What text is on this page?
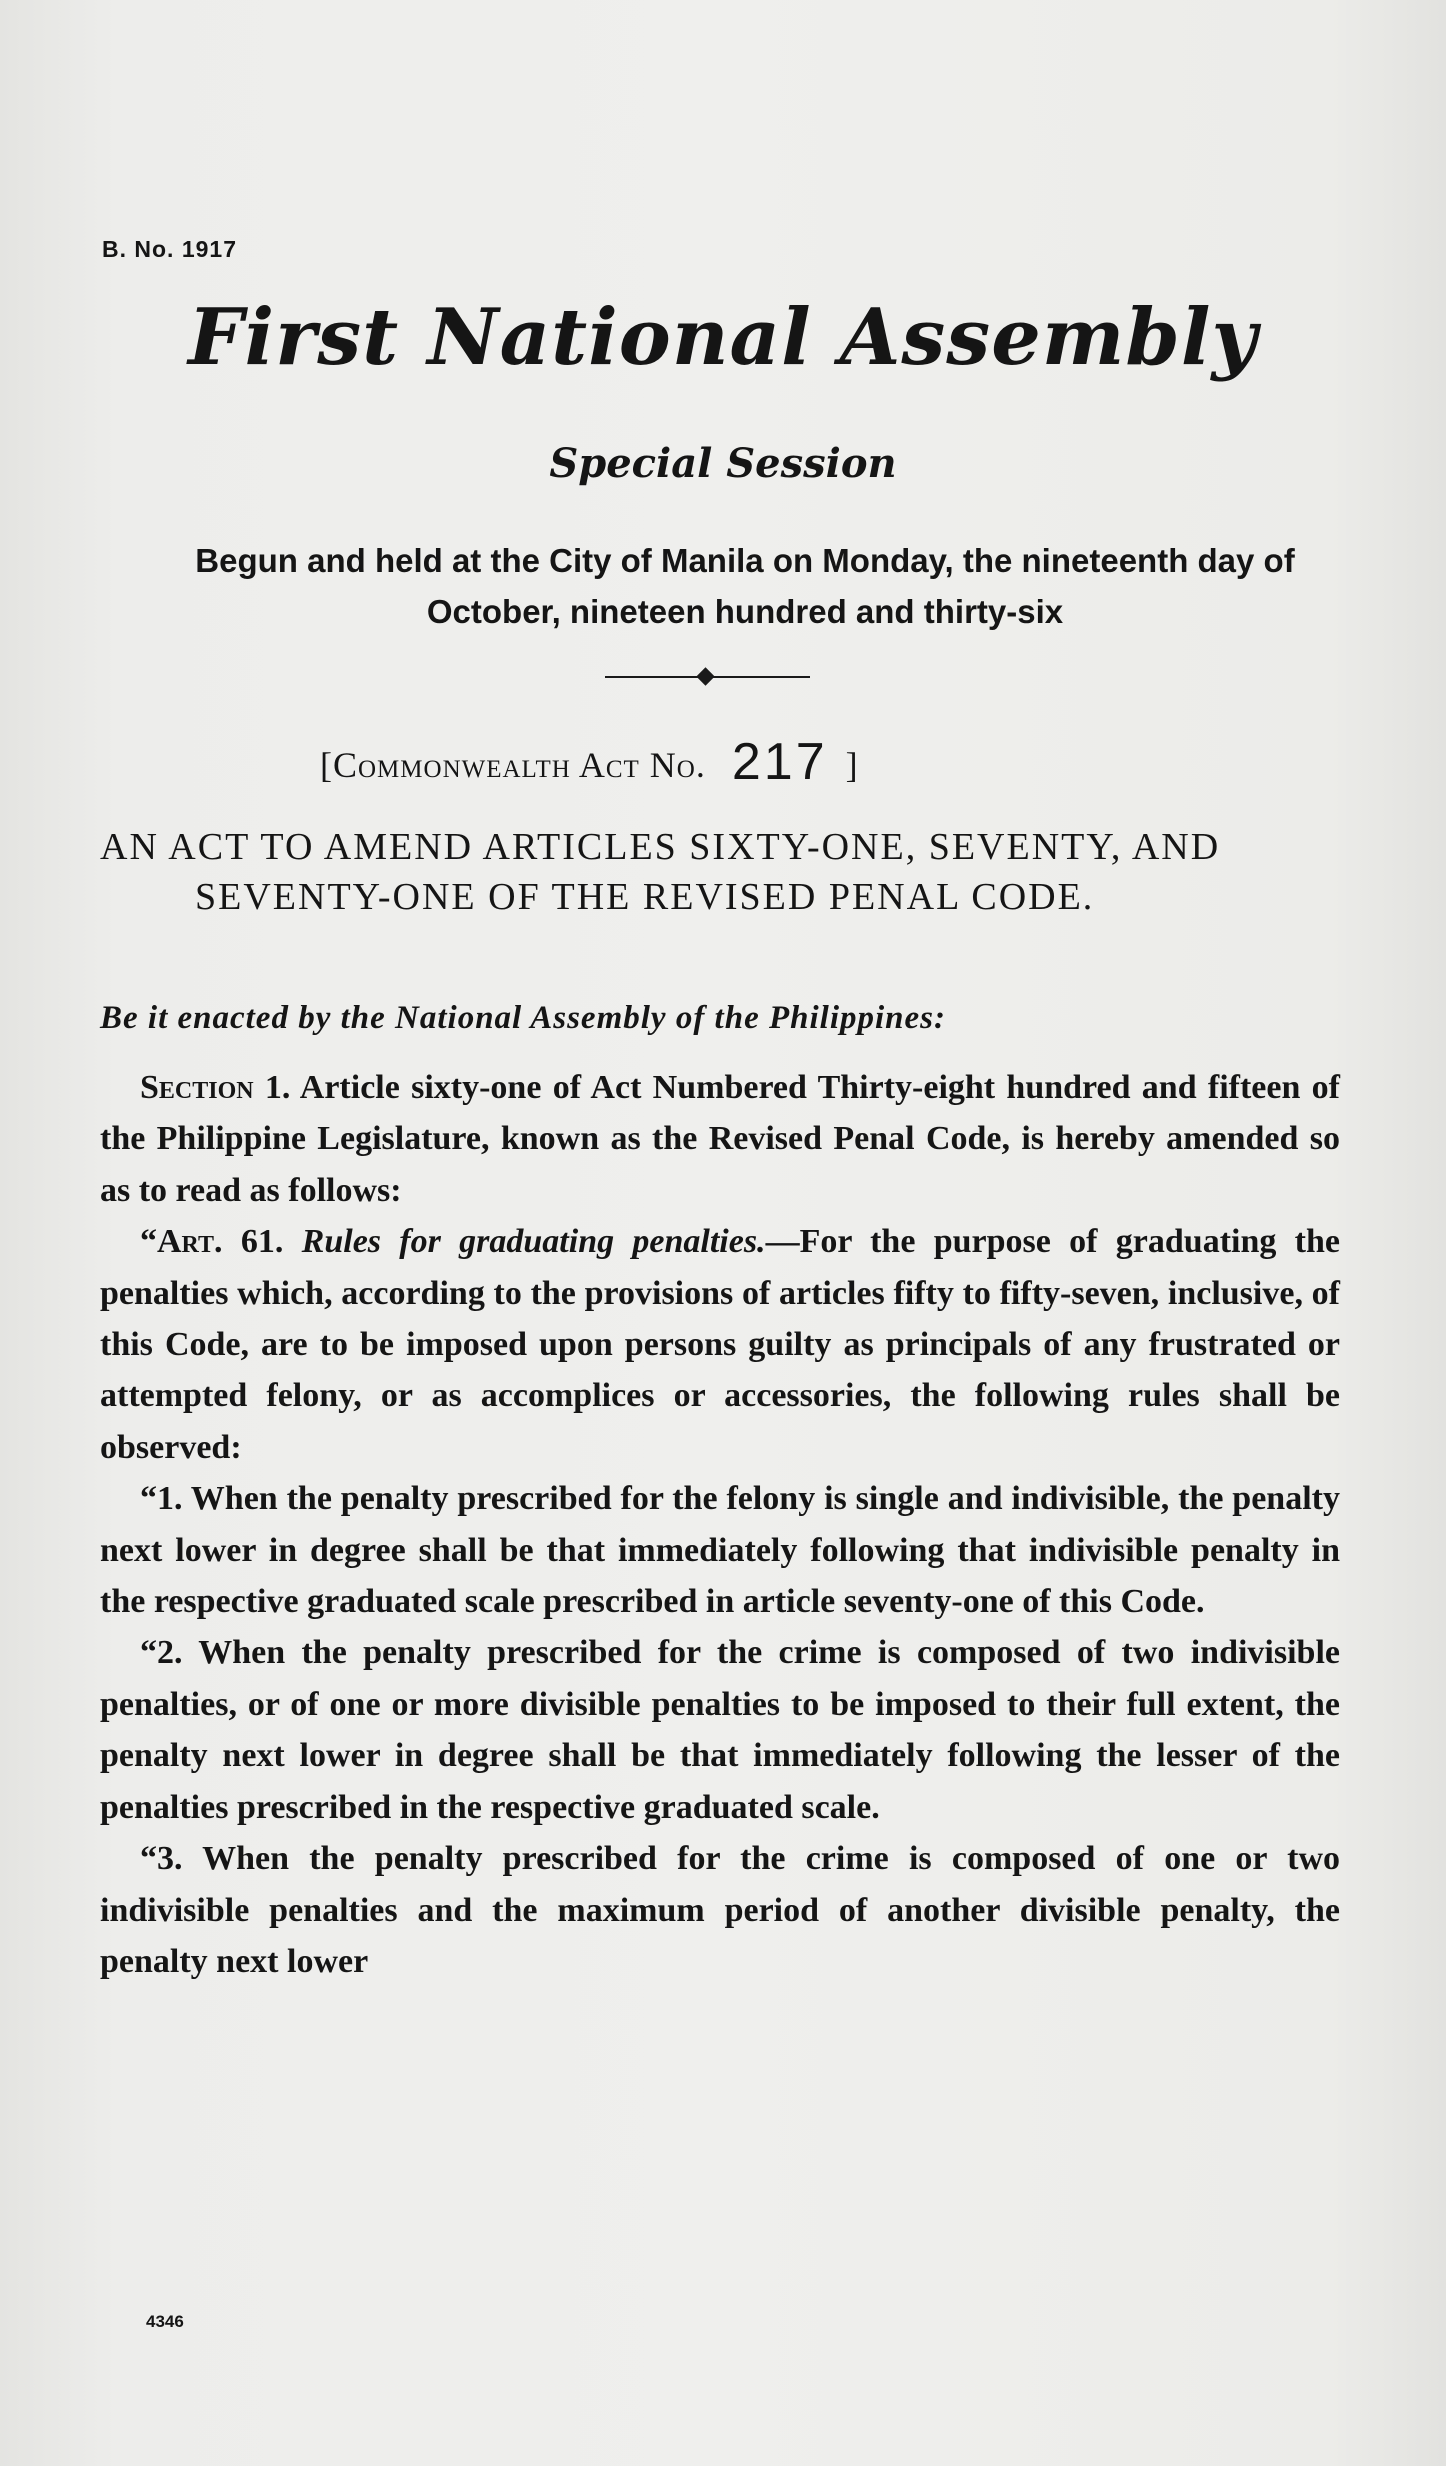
B. No. 1917
First National Assembly
Special Session
Begun and held at the City of Manila on Monday, the nineteenth day of October, nineteen hundred and thirty-six
[Commonwealth Act No. 217 ]
AN ACT TO AMEND ARTICLES SIXTY-ONE, SEVENTY, AND SEVENTY-ONE OF THE REVISED PENAL CODE.
Be it enacted by the National Assembly of the Philippines:

Section 1. Article sixty-one of Act Numbered Thirty-eight hundred and fifteen of the Philippine Legislature, known as the Revised Penal Code, is hereby amended so as to read as follows:

“Art. 61. Rules for graduating penalties.—For the purpose of graduating the penalties which, according to the provisions of articles fifty to fifty-seven, inclusive, of this Code, are to be imposed upon persons guilty as principals of any frustrated or attempted felony, or as accomplices or accessories, the following rules shall be observed:

“1. When the penalty prescribed for the felony is single and indivisible, the penalty next lower in degree shall be that immediately following that indivisible penalty in the respective graduated scale prescribed in article seventy-one of this Code.

“2. When the penalty prescribed for the crime is composed of two indivisible penalties, or of one or more divisible penalties to be imposed to their full extent, the penalty next lower in degree shall be that immediately following the lesser of the penalties prescribed in the respective graduated scale.

“3. When the penalty prescribed for the crime is composed of one or two indivisible penalties and the maximum period of another divisible penalty, the penalty next lower

4346
